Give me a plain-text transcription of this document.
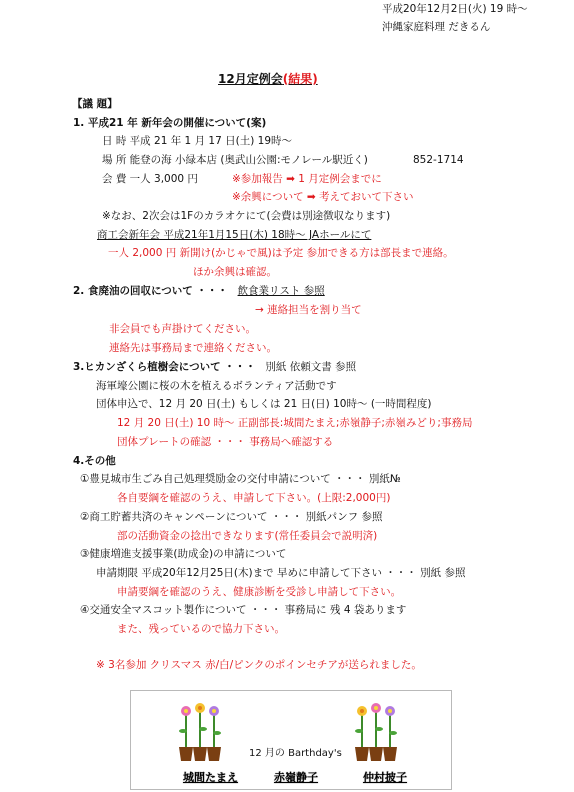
平成20年12月2日(火) 19 時～
沖縄家庭料理 だきるん
12月定例会(結果)
【議 題】
1. 平成21 年 新年会の開催について(案)
日 時 平成 21 年 1 月 17 日(土) 19時～
場 所 能登の海 小緑本店 (奥武山公園:モノレール駅近く)	852-1714
会 費 一人 3,000 円	※参加報告 ➡ 1 月定例会までに
※余興について ➡ 考えておいて下さい
※なお、2次会は1Fのカラオケにて(会費は別途徴収なります)
商工会新年会 平成21年1月15日(木) 18時～ JAホールにて
一人 2,000 円 新開け(かじゃで風)は予定 参加できる方は部長まで連絡。
ほか余興は確認。
2. 食廃油の回収について ・・・ 飲食業リスト 参照
→ 連絡担当を割り当て
非会員でも声掛けてください。
連絡先は事務局まで連絡ください。
3.ヒカンざくら植樹会について ・・・ 別紙 依頼文書 参照
海軍壕公園に桜の木を植えるボランティア活動です
団体申込で、12 月 20 日(土) もしくは 21 日(日) 10時～ (一時間程度)
12 月 20 日(土) 10 時～ 正副部長:城間たまえ;赤嶺静子;赤嶺みどり;事務局
団体プレートの確認 ・・・ 事務局へ確認する
4.その他
①豊見城市生ごみ自己処理奨励金の交付申請について ・・・ 別紙№
各自要綱を確認のうえ、申請して下さい。(上限:2,000円)
②商工貯蓄共済のキャンペーンについて ・・・ 別紙パンフ 参照
部の活動資金の捻出できなります(常任委員会で説明済)
③健康増進支援事業(助成金)の申請について
申請期限 平成20年12月25日(木)まで 早めに申請して下さい ・・・ 別紙 参照
申請要綱を確認のうえ、健康診断を受診し申請して下さい。
④交通安全マスコット製作について ・・・ 事務局に 残 4 袋あります
また、残っているので協力下さい。
※ 3名参加 クリスマス 赤/白/ピンクのポインセチアが送られました。
12 月の Barthday's
城間たまえ	赤嶺静子	仲村披子
